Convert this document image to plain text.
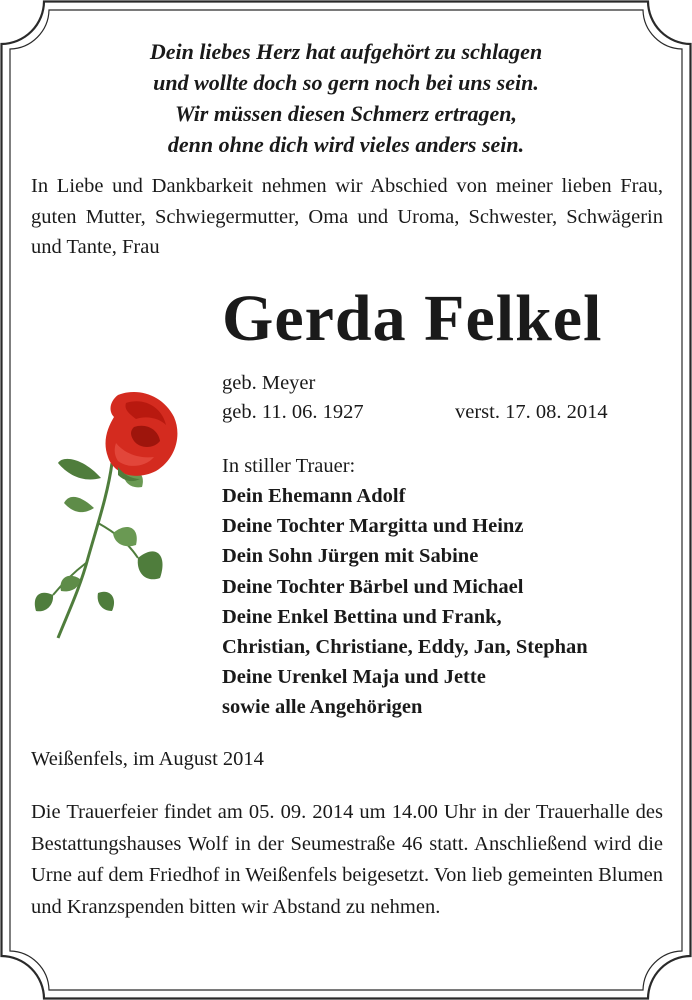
Dein liebes Herz hat aufgehört zu schlagen
und wollte doch so gern noch bei uns sein.
Wir müssen diesen Schmerz ertragen,
denn ohne dich wird vieles anders sein.
In Liebe und Dankbarkeit nehmen wir Abschied von meiner lieben Frau, guten Mutter, Schwiegermutter, Oma und Uroma, Schwester, Schwägerin und Tante, Frau
Gerda Felkel
geb. Meyer
geb. 11. 06. 1927	verst. 17. 08. 2014
In stiller Trauer:
Dein Ehemann Adolf
Deine Tochter Margitta und Heinz
Dein Sohn Jürgen mit Sabine
Deine Tochter Bärbel und Michael
Deine Enkel Bettina und Frank,
Christian, Christiane, Eddy, Jan, Stephan
Deine Urenkel Maja und Jette
sowie alle Angehörigen
Weißenfels, im August 2014
Die Trauerfeier findet am 05. 09. 2014 um 14.00 Uhr in der Trauerhalle des Bestattungshauses Wolf in der Seumestraße 46 statt. Anschließend wird die Urne auf dem Friedhof in Weißenfels beigesetzt. Von lieb gemeinten Blumen und Kranzspenden bitten wir Abstand zu nehmen.
